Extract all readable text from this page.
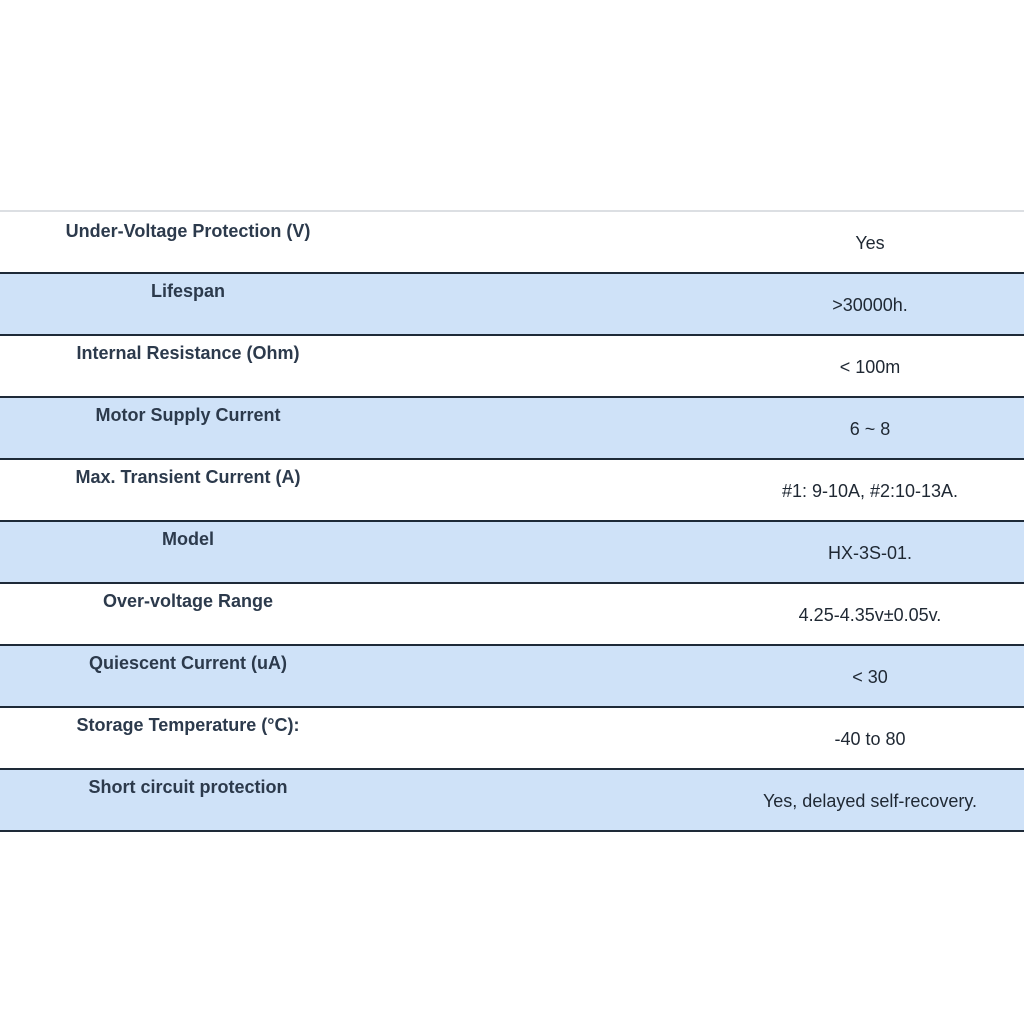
Under-Voltage Protection (V)
Yes
Lifespan
>30000h.
Internal Resistance (Ohm)
< 100m
Motor Supply Current
6 ~ 8
Max. Transient Current (A)
#1: 9-10A, #2:10-13A.
Model
HX-3S-01.
Over-voltage Range
4.25-4.35v±0.05v.
Quiescent Current (uA)
< 30
Storage Temperature (°C):
-40 to 80
Short circuit protection
Yes, delayed self-recovery.
